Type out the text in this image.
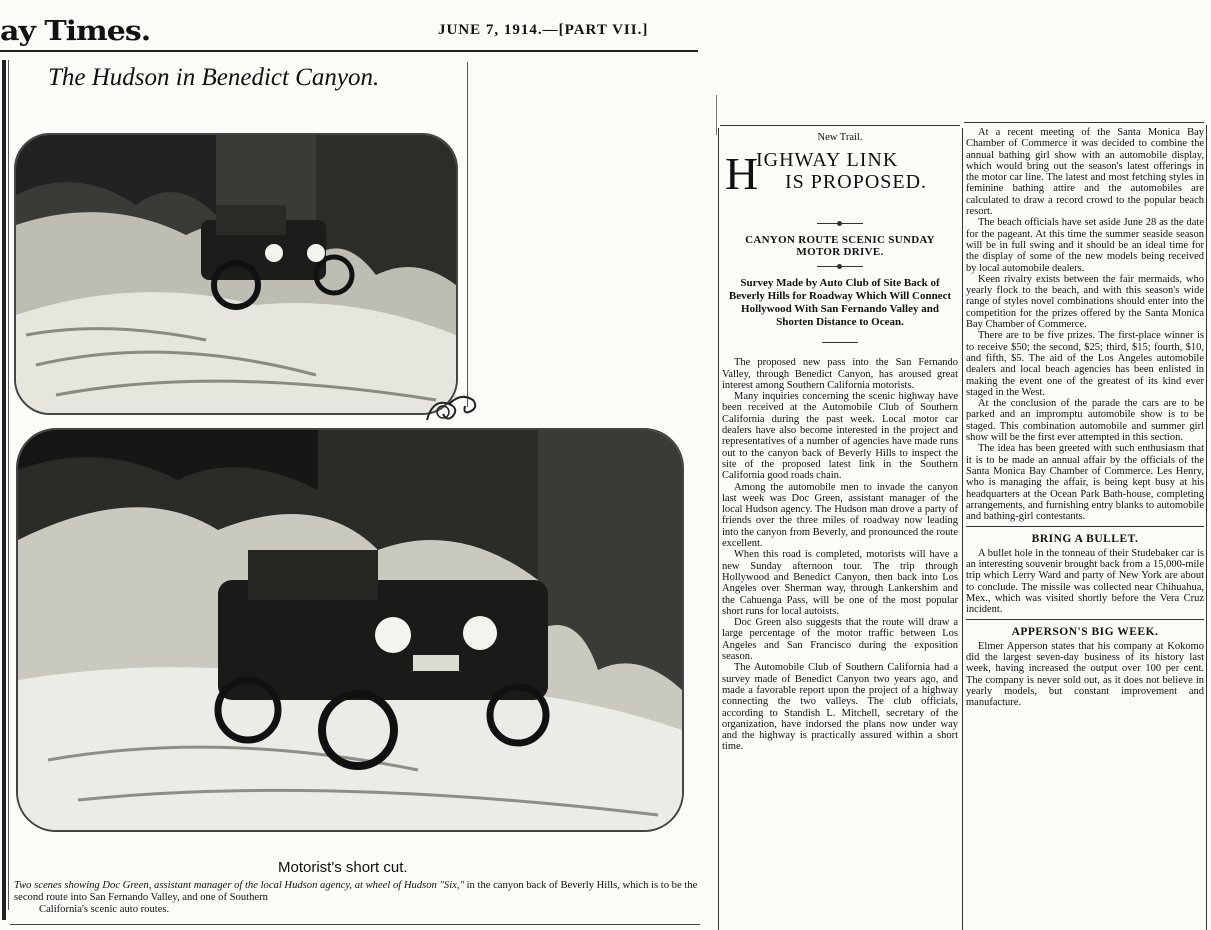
ay Times.	JUNE 7, 1914.—[PART VII.]
The Hudson in Benedict Canyon.
Motorist's short cut.
Two scenes showing Doc Green, assistant manager of the local Hudson agency, at wheel of Hudson "Six," in the canyon back of Beverly Hills, which is to be the second route into San Fernando Valley, and one of Southern
California's scenic auto routes.
New Trail.
H
IGHWAY LINK
IS PROPOSED.
CANYON ROUTE SCENIC SUNDAY MOTOR DRIVE.
Survey Made by Auto Club of Site Back of Beverly Hills for Roadway Which Will Connect Hollywood With San Fernando Valley and Shorten Distance to Ocean.

The proposed new pass into the San Fernando Valley, through Benedict Canyon, has aroused great interest among Southern California motorists.

Many inquiries concerning the scenic highway have been received at the Automobile Club of Southern California during the past week. Local motor car dealers have also become interested in the project and representatives of a number of agencies have made runs out to the canyon back of Beverly Hills to inspect the site of the proposed latest link in the Southern California good roads chain.

Among the automobile men to invade the canyon last week was Doc Green, assistant manager of the local Hudson agency. The Hudson man drove a party of friends over the three miles of roadway now leading into the canyon from Beverly, and pronounced the route excellent.

When this road is completed, motorists will have a new Sunday afternoon tour. The trip through Hollywood and Benedict Canyon, then back into Los Angeles over Sherman way, through Lankershim and the Cahuenga Pass, will be one of the most popular short runs for local autoists.

Doc Green also suggests that the route will draw a large percentage of the motor traffic between Los Angeles and San Francisco during the exposition season.

The Automobile Club of Southern California had a survey made of Benedict Canyon two years ago, and made a favorable report upon the project of a highway connecting the two valleys. The club officials, according to Standish L. Mitchell, secretary of the organization, have indorsed the plans now under way and the highway is practically assured within a short time.

At a recent meeting of the Santa Monica Bay Chamber of Commerce it was decided to combine the annual bathing girl show with an automobile display, which would bring out the season's latest offerings in the motor car line. The latest and most fetching styles in feminine bathing attire and the automobiles are calculated to draw a record crowd to the popular beach resort.

The beach officials have set aside June 28 as the date for the pageant. At this time the summer seaside season will be in full swing and it should be an ideal time for the display of some of the new models being received by local automobile dealers.

Keen rivalry exists between the fair mermaids, who yearly flock to the beach, and with this season's wide range of styles novel combinations should enter into the competition for the prizes offered by the Santa Monica Bay Chamber of Commerce.

There are to be five prizes. The first-place winner is to receive $50; the second, $25; third, $15; fourth, $10, and fifth, $5. The aid of the Los Angeles automobile dealers and local beach agencies has been enlisted in making the event one of the greatest of its kind ever staged in the West.

At the conclusion of the parade the cars are to be parked and an impromptu automobile show is to be staged. This combination automobile and summer girl show will be the first ever attempted in this section.

The idea has been greeted with such enthusiasm that it is to be made an annual affair by the officials of the Santa Monica Bay Chamber of Commerce. Les Henry, who is managing the affair, is being kept busy at his headquarters at the Ocean Park Bath-house, completing arrangements, and furnishing entry blanks to automobile and bathing-girl contestants.

BRING A BULLET.

A bullet hole in the tonneau of their Studebaker car is an interesting souvenir brought back from a 15,000-mile trip which Lerry Ward and party of New York are about to conclude. The missile was collected near Chihuahua, Mex., which was visited shortly before the Vera Cruz incident.

APPERSON'S BIG WEEK.

Elmer Apperson states that his company at Kokomo did the largest seven-day business of its history last week, having increased the output over 100 per cent. The company is never sold out, as it does not believe in yearly models, but constant improvement and manufacture.
